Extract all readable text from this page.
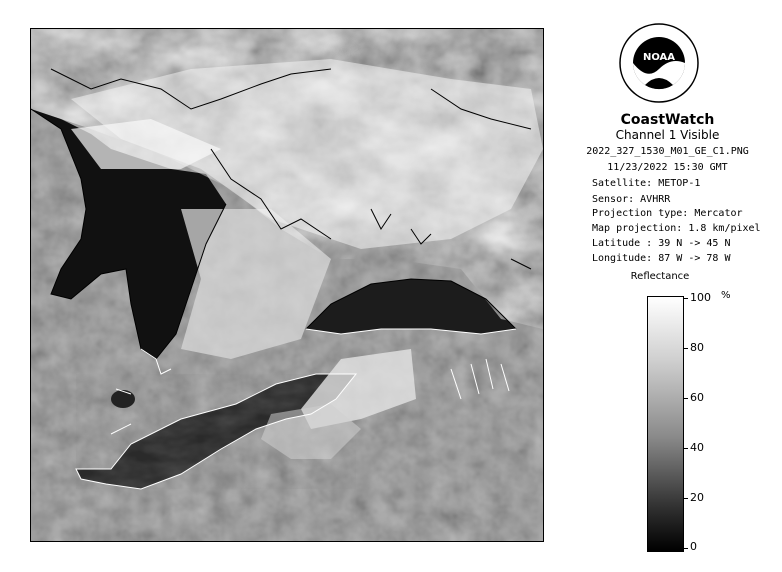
NOAA
CoastWatch
Channel 1 Visible
2022_327_1530_M01_GE_C1.PNG
11/23/2022 15:30 GMT
Satellite: METOP-1
Sensor: AVHRR
Projection type: Mercator
Map projection: 1.8 km/pixel
Latitude : 39 N -> 45 N
Longitude: 87 W -> 78 W
Reflectance
%
100
80
60
40
20
0
